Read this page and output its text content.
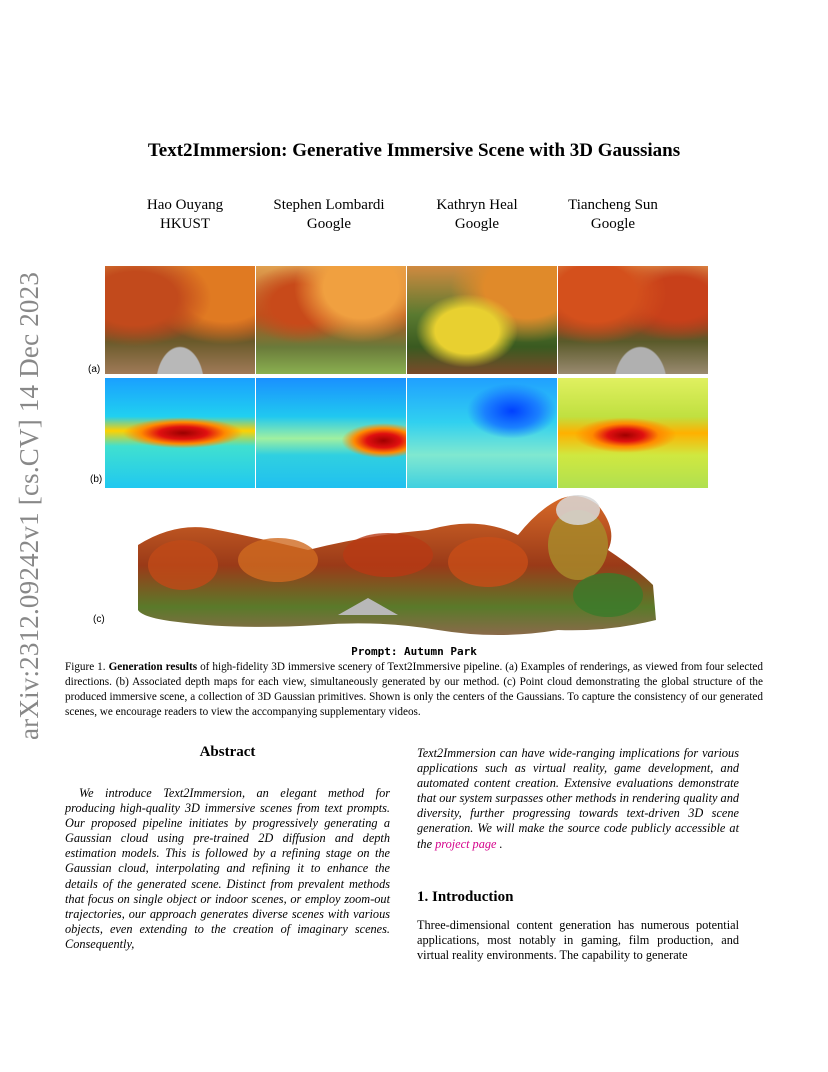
arXiv:2312.09242v1 [cs.CV] 14 Dec 2023
Text2Immersion: Generative Immersive Scene with 3D Gaussians
Hao Ouyang
HKUST
Stephen Lombardi
Google
Kathryn Heal
Google
Tiancheng Sun
Google
(a)
(b)
(c)
Prompt: Autumn Park
Figure 1. Generation results of high-fidelity 3D immersive scenery of Text2Immersive pipeline. (a) Examples of renderings, as viewed from four selected directions. (b) Associated depth maps for each view, simultaneously generated by our method. (c) Point cloud demonstrating the global structure of the produced immersive scene, a collection of 3D Gaussian primitives. Shown is only the centers of the Gaussians. To capture the consistency of our generated scenes, we encourage readers to view the accompanying supplementary videos.
Abstract
We introduce Text2Immersion, an elegant method for producing high-quality 3D immersive scenes from text prompts. Our proposed pipeline initiates by progressively generating a Gaussian cloud using pre-trained 2D diffusion and depth estimation models. This is followed by a refining stage on the Gaussian cloud, interpolating and refining it to enhance the details of the generated scene. Distinct from prevalent methods that focus on single object or indoor scenes, or employ zoom-out trajectories, our approach generates diverse scenes with various objects, even extending to the creation of imaginary scenes. Consequently,
Text2Immersion can have wide-ranging implications for various applications such as virtual reality, game development, and automated content creation. Extensive evaluations demonstrate that our system surpasses other methods in rendering quality and diversity, further progressing towards text-driven 3D scene generation. We will make the source code publicly accessible at the project page .
1. Introduction
Three-dimensional content generation has numerous potential applications, most notably in gaming, film production, and virtual reality environments. The capability to generate
